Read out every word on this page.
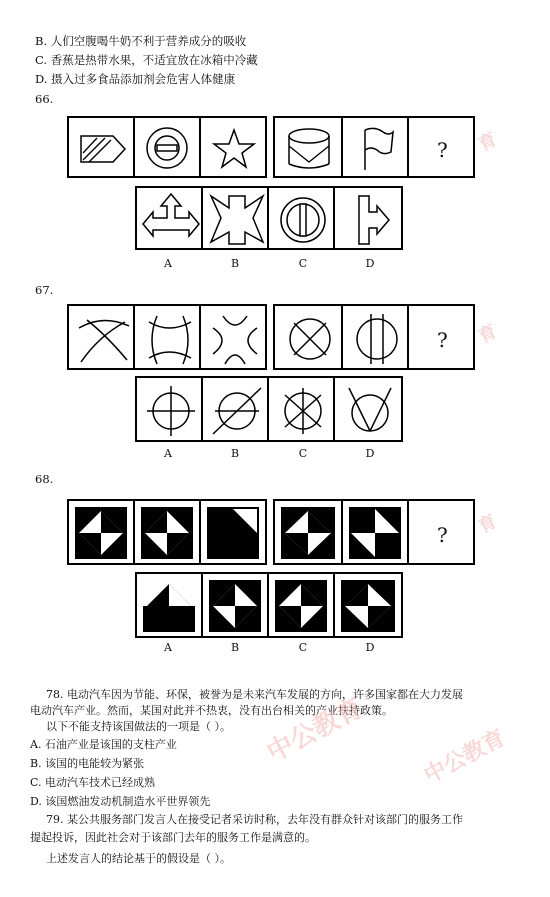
B. 人们空腹喝牛奶不利于营养成分的吸收
C. 香蕉是热带水果，不适宜放在冰箱中冷藏
D. 摄入过多食品添加剂会危害人体健康
66.
?
A	B	C	D
67.
?
A	B	C	D
68.
?
A	B	C	D
78. 电动汽车因为节能、环保，被誉为是未来汽车发展的方向，许多国家都在大力发展
电动汽车产业。然而，某国对此并不热衷，没有出台相关的产业扶持政策。
以下不能支持该国做法的一项是（ ）。
A. 石油产业是该国的支柱产业
B. 该国的电能较为紧张
C. 电动汽车技术已经成熟
D. 该国燃油发动机制造水平世界领先
79. 某公共服务部门发言人在接受记者采访时称，去年没有群众针对该部门的服务工作
提起投诉，因此社会对于该部门去年的服务工作是满意的。
上述发言人的结论基于的假设是（ ）。
育
育
育
中公教育 中公教育
